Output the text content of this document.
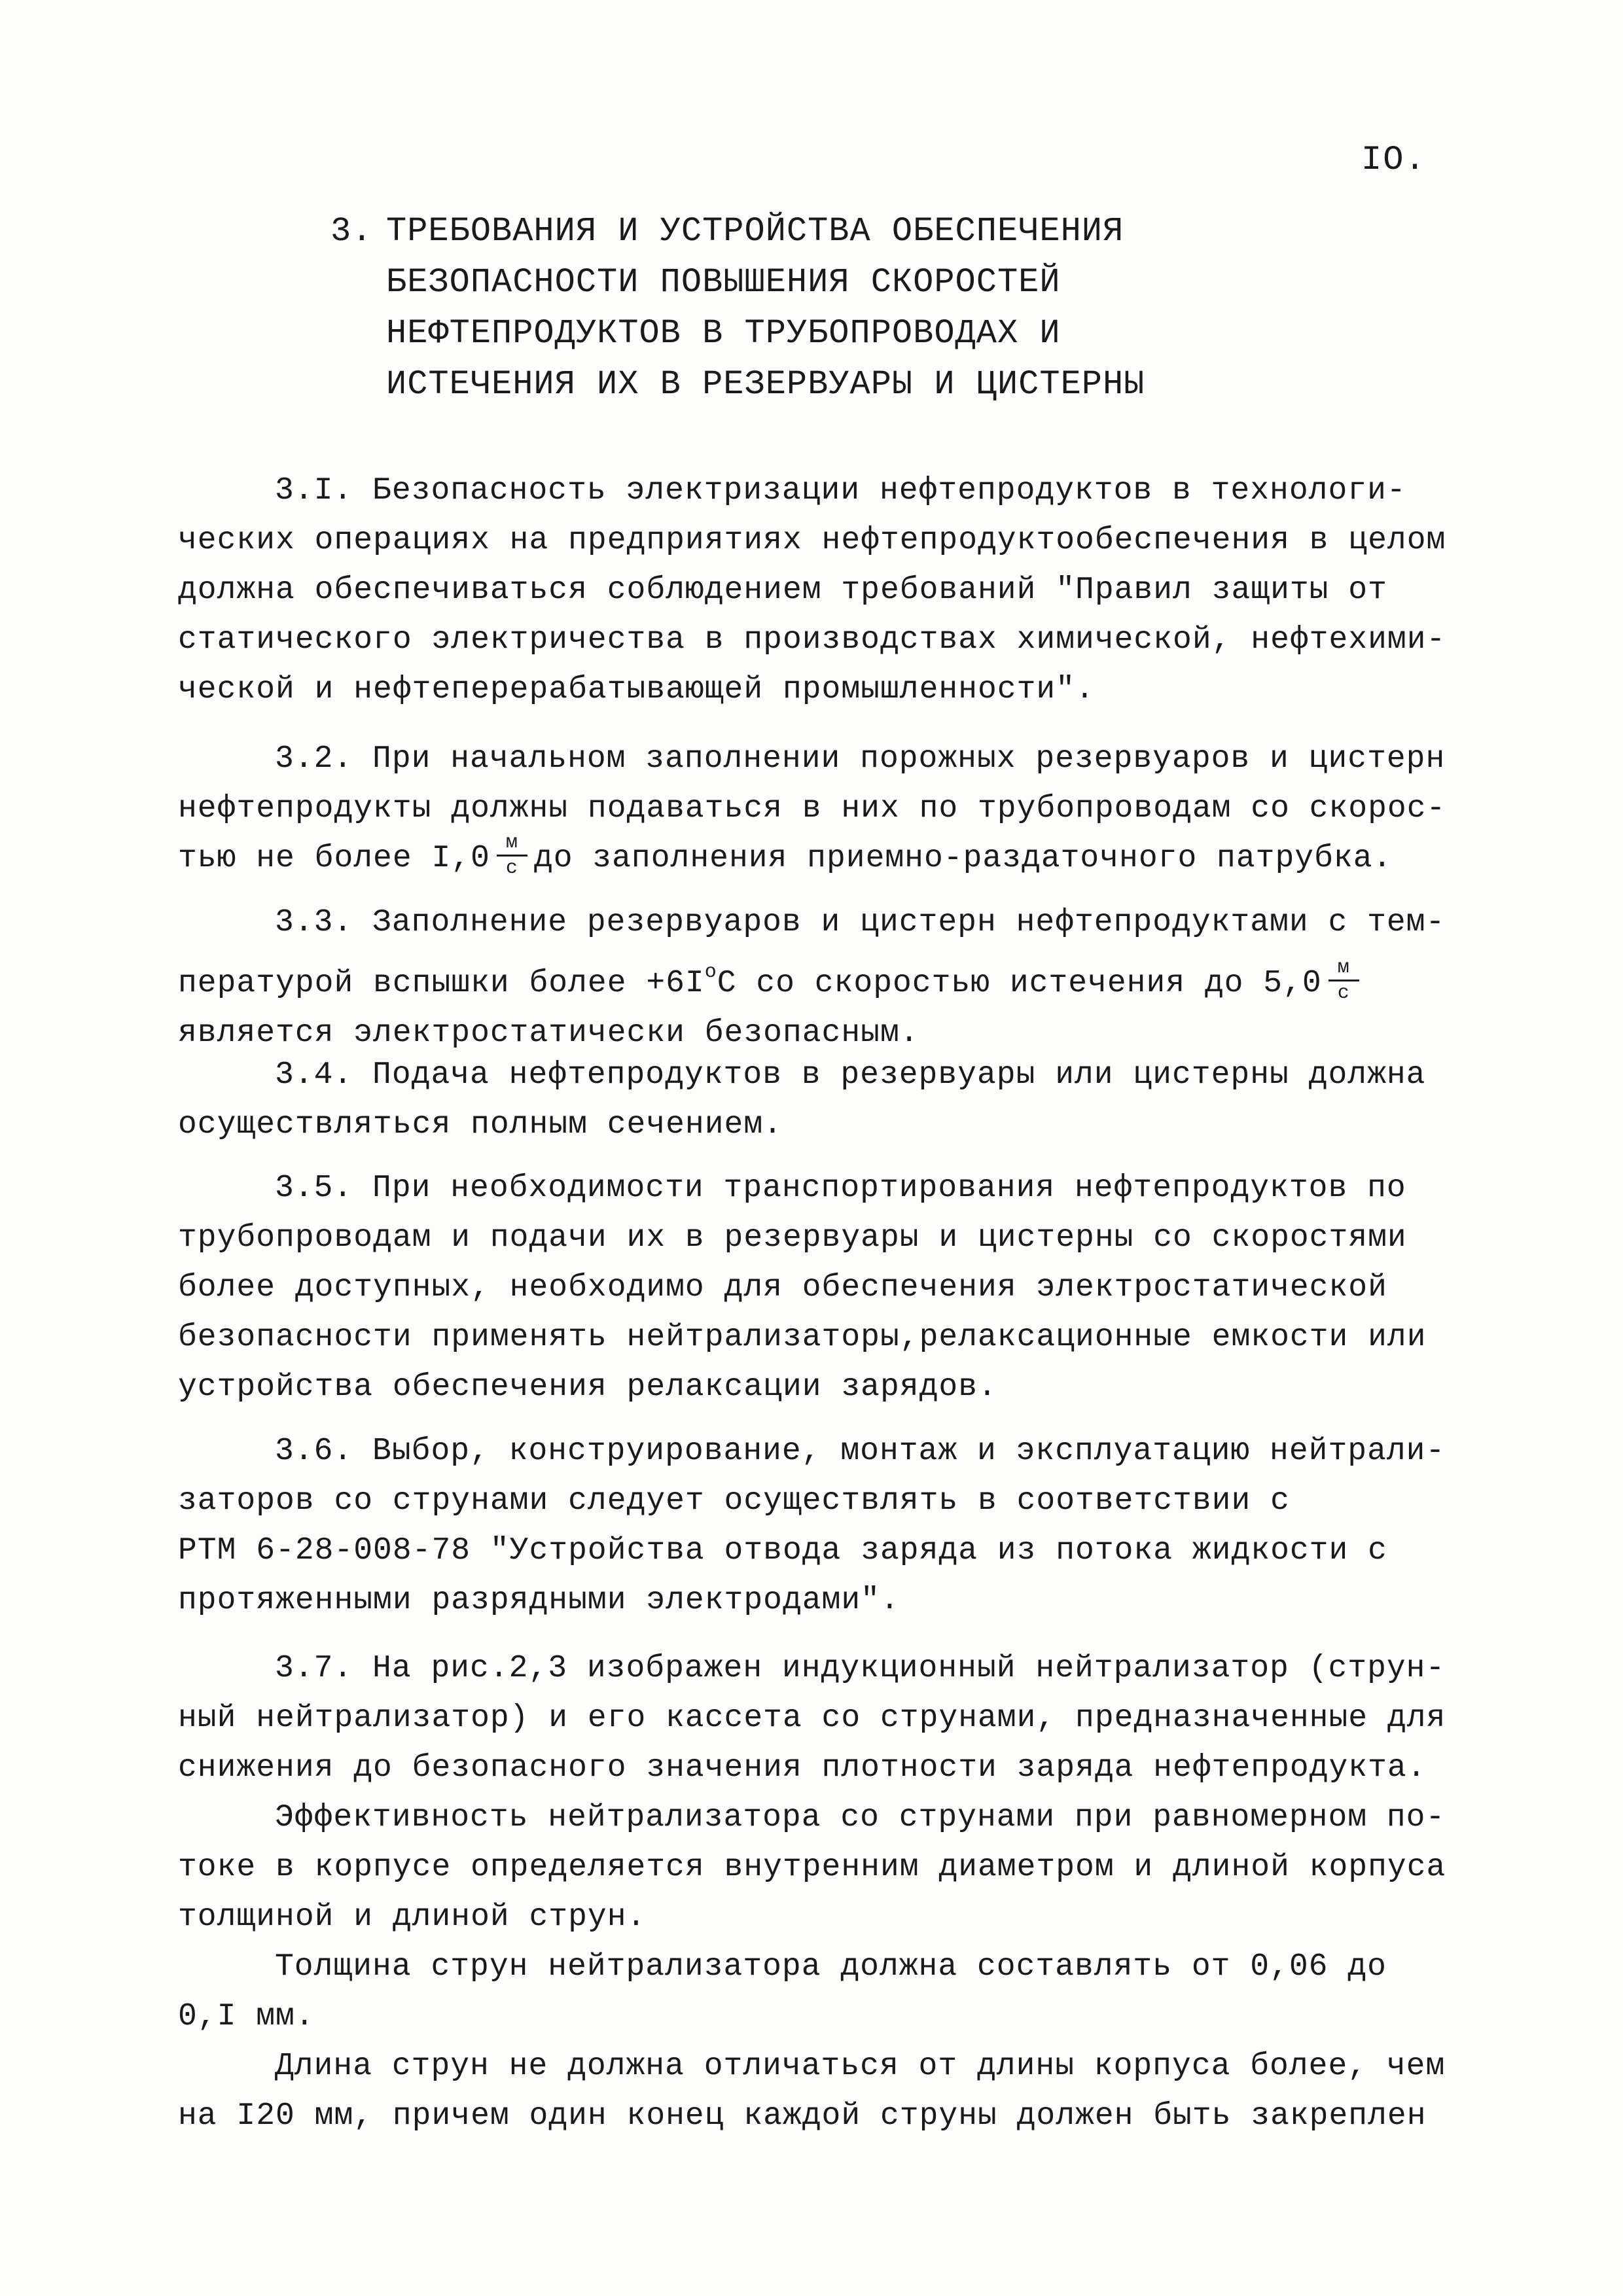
IO.
3. ТРЕБОВАНИЯ И УСТРОЙСТВА ОБЕСПЕЧЕНИЯ
БЕЗОПАСНОСТИ ПОВЫШЕНИЯ СКОРОСТЕЙ
НЕФТЕПРОДУКТОВ В ТРУБОПРОВОДАХ И
ИСТЕЧЕНИЯ ИХ В РЕЗЕРВУАРЫ И ЦИСТЕРНЫ

3.I. Безопасность электризации нефтепродуктов в технологи-
ческих операциях на предприятиях нефтепродуктообеспечения в целом
должна обеспечиваться соблюдением требований "Правил защиты от
статического электричества в производствах химической, нефтехими-
ческой и нефтеперерабатывающей промышленности".

3.2. При начальном заполнении порожных резервуаров и цистерн
нефтепродукты должны подаваться в них по трубопроводам со скорос-
тью не более $I,0 \frac{м}{с}$ до заполнения приемно-раздаточного патрубка.

3.3. Заполнение резервуаров и цистерн нефтепродуктами с тем-
пературой вспышки более $+6I^oС$ со скоростью истечения до $5,0 \frac{м}{с}$
является электростатически безопасным.

3.4. Подача нефтепродуктов в резервуары или цистерны должна
осуществляться полным сечением.

3.5. При необходимости транспортирования нефтепродуктов по
трубопроводам и подачи их в резервуары и цистерны со скоростями
более доступных, необходимо для обеспечения электростатической
безопасности применять нейтрализаторы,релаксационные емкости или
устройства обеспечения релаксации зарядов.

3.6. Выбор, конструирование, монтаж и эксплуатацию нейтрали-
заторов со струнами следует осуществлять в соответствии с
РТМ 6-28-008-78 "Устройства отвода заряда из потока жидкости с
протяженными разрядными электродами".

3.7. На рис.2,3 изображен индукционный нейтрализатор (струн-
ный нейтрализатор) и его кассета со струнами, предназначенные для
снижения до безопасного значения плотности заряда нефтепродукта.

Эффективность нейтрализатора со струнами при равномерном по-
токе в корпусе определяется внутренним диаметром и длиной корпуса
толщиной и длиной струн.

Толщина струн нейтрализатора должна составлять от 0,06 до
0,I мм.

Длина струн не должна отличаться от длины корпуса более, чем
на I20 мм, причем один конец каждой струны должен быть закреплен
